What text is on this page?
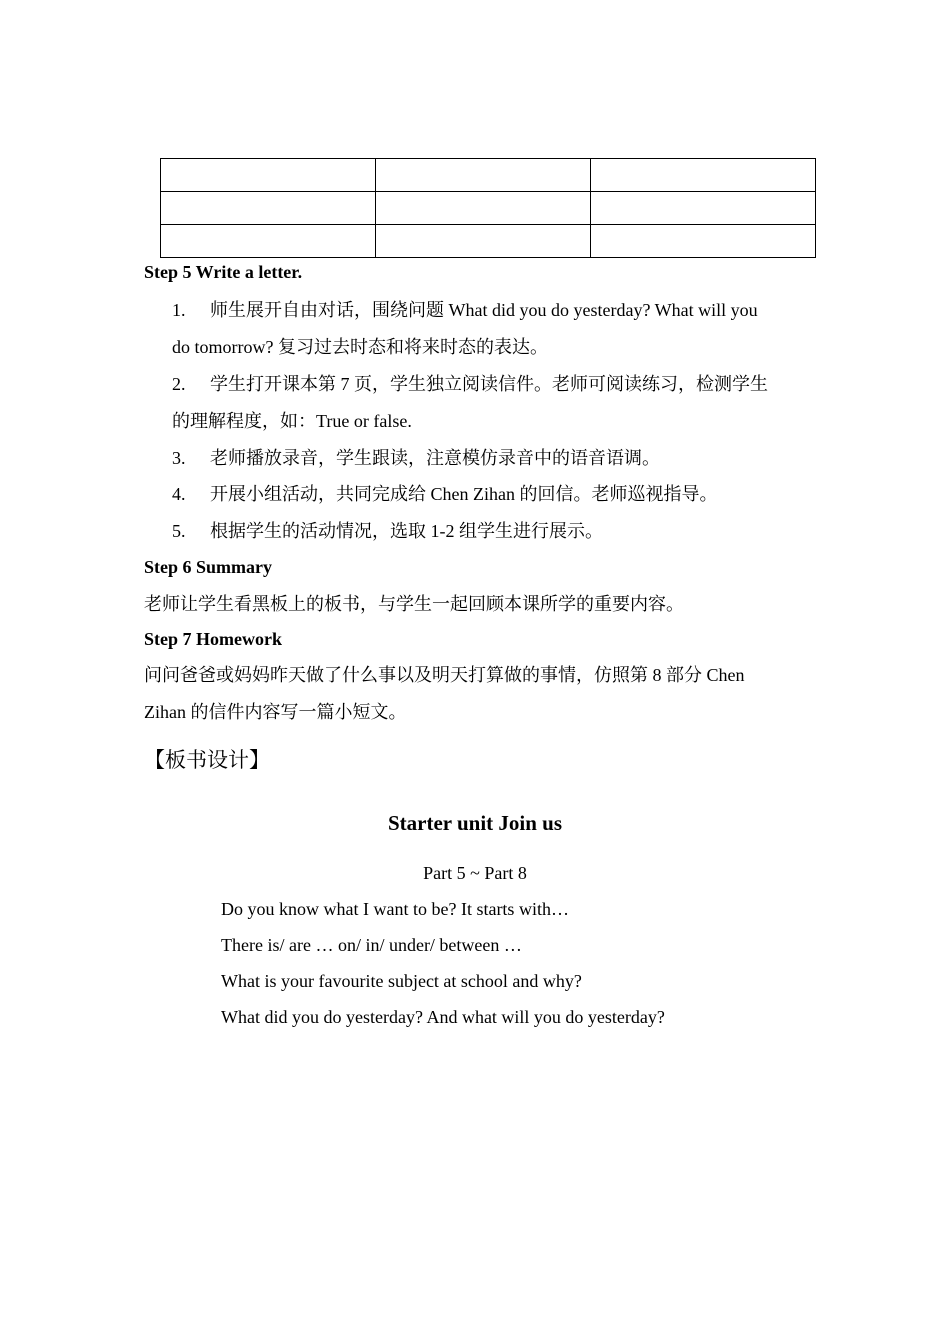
Step 5 Write a letter.
1. 师生展开自由对话，围绕问题 What did you do yesterday? What will you
do tomorrow? 复习过去时态和将来时态的表达。
2. 学生打开课本第 7 页，学生独立阅读信件。老师可阅读练习，检测学生
的理解程度，如：True or false.
3. 老师播放录音，学生跟读，注意模仿录音中的语音语调。
4. 开展小组活动，共同完成给 Chen Zihan 的回信。老师巡视指导。
5. 根据学生的活动情况，选取 1-2 组学生进行展示。
Step 6 Summary
老师让学生看黑板上的板书，与学生一起回顾本课所学的重要内容。
Step 7 Homework
问问爸爸或妈妈昨天做了什么事以及明天打算做的事情，仿照第 8 部分 Chen
Zihan 的信件内容写一篇小短文。
【板书设计】
Starter unit Join us
Part 5 ~ Part 8
Do you know what I want to be? It starts with…
There is/ are … on/ in/ under/ between …
What is your favourite subject at school and why?
What did you do yesterday? And what will you do yesterday?
